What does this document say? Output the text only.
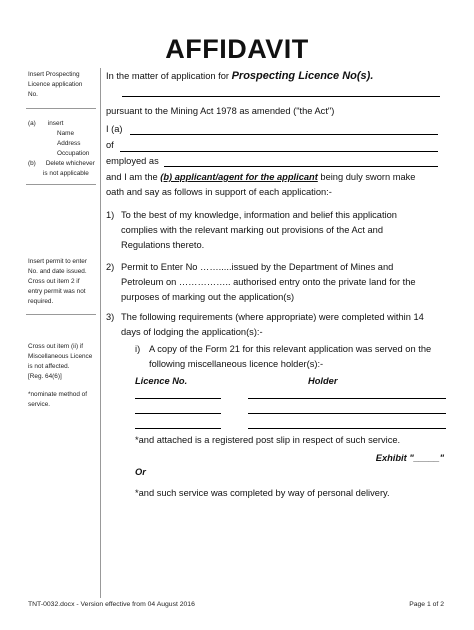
AFFIDAVIT
Insert Prospecting
Licence application
No.
(a) insert
Name
Address
Occupation
(b) Delete whichever
is not applicable
Insert permit to enter
No. and date issued.
Cross out item 2 if
entry permit was not
required.
Cross out item (ii) if
Miscellaneous Licence
is not affected.
[Reg. 64(6)]
*nominate method of
service.
In the matter of application for Prospecting Licence No(s).
pursuant to the Mining Act 1978 as amended ("the Act")
I (a)
of
employed as
and I am the (b) applicant/agent for the applicant being duly sworn make
oath and say as follows in support of each application:-
1) To the best of my knowledge, information and belief this application
complies with the relevant marking out provisions of the Act and
Regulations thereto.
2) Permit to Enter No …….....issued by the Department of Mines and
Petroleum on …………….. authorised entry onto the private land for the
purposes of marking out the application(s)
3) The following requirements (where appropriate) were completed within 14
days of lodging the application(s):-
i) A copy of the Form 21 for this relevant application was served on the
following miscellaneous licence holder(s):-
Licence No.	Holder
*and attached is a registered post slip in respect of such service.
Exhibit "_____"
Or
*and such service was completed by way of personal delivery.
TNT-0032.docx - Version effective from 04 August 2016	Page 1 of 2
